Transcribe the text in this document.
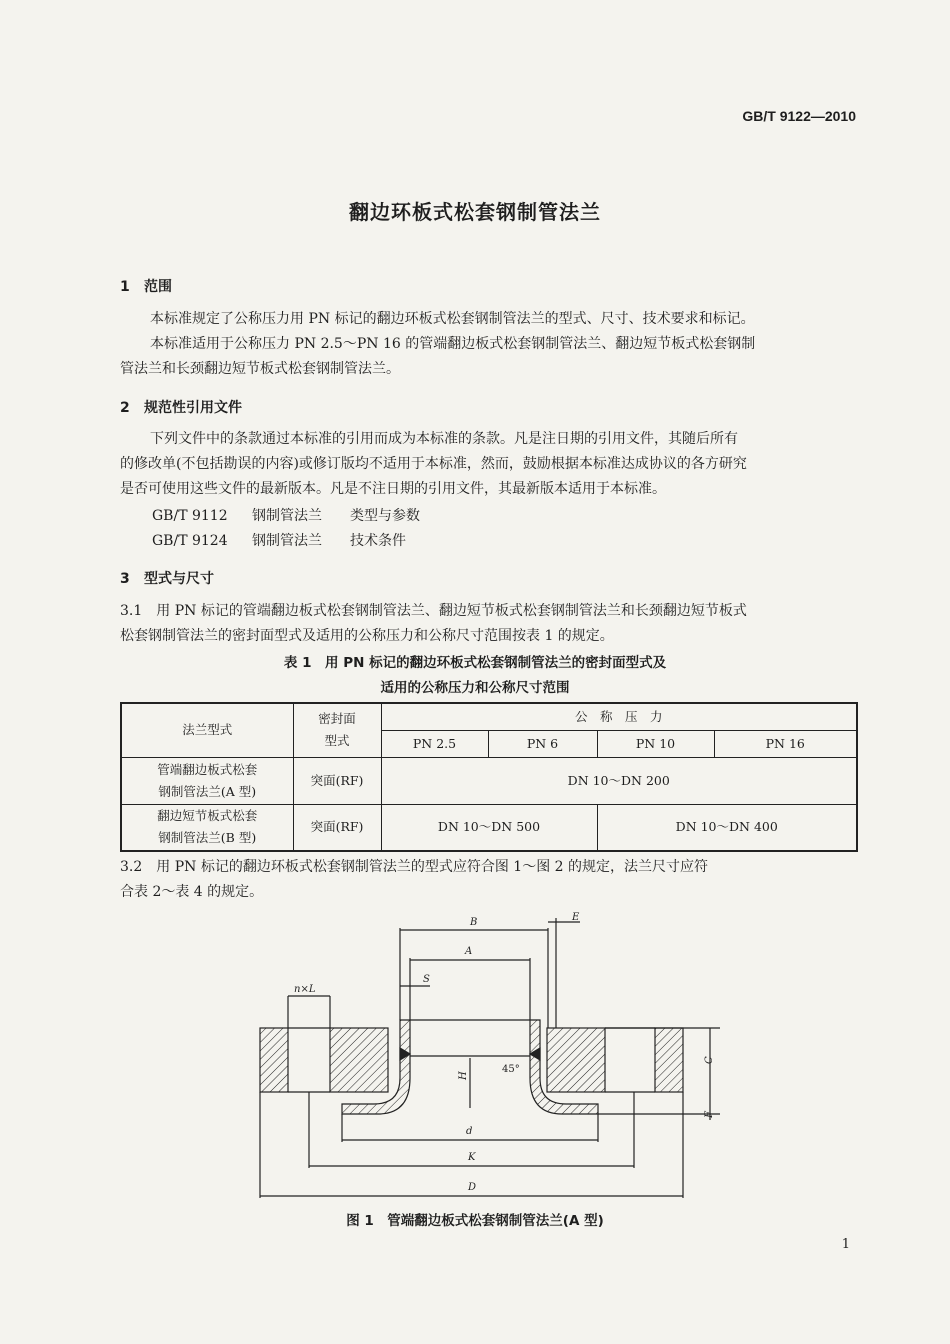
GB/T 9122—2010
翻边环板式松套钢制管法兰
1 范围
本标准规定了公称压力用 PN 标记的翻边环板式松套钢制管法兰的型式、尺寸、技术要求和标记。
本标准适用于公称压力 PN 2.5～PN 16 的管端翻边板式松套钢制管法兰、翻边短节板式松套钢制
管法兰和长颈翻边短节板式松套钢制管法兰。
2 规范性引用文件
下列文件中的条款通过本标准的引用而成为本标准的条款。凡是注日期的引用文件，其随后所有
的修改单(不包括勘误的内容)或修订版均不适用于本标准，然而，鼓励根据本标准达成协议的各方研究
是否可使用这些文件的最新版本。凡是不注日期的引用文件，其最新版本适用于本标准。
GB/T 9112 钢制管法兰 类型与参数
GB/T 9124 钢制管法兰 技术条件
3 型式与尺寸
3.1　用 PN 标记的管端翻边板式松套钢制管法兰、翻边短节板式松套钢制管法兰和长颈翻边短节板式
松套钢制管法兰的密封面型式及适用的公称压力和公称尺寸范围按表 1 的规定。
表 1　用 PN 标记的翻边环板式松套钢制管法兰的密封面型式及
适用的公称压力和公称尺寸范围
法兰型式	密封面
型式	公　称　压　力			
		PN 2.5	PN 6	PN 10	PN 16
管端翻边板式松套
钢制管法兰(A 型)	突面(RF)	DN 10～DN 200			
翻边短节板式松套
钢制管法兰(B 型)	突面(RF)	DN 10～DN 500		DN 10～DN 400	
3.2　用 PN 标记的翻边环板式松套钢制管法兰的型式应符合图 1～图 2 的规定，法兰尺寸应符
合表 2～表 4 的规定。
B	E
A
S
n×L
C
F
H
45°
d
K
D
图 1　管端翻边板式松套钢制管法兰(A 型)
1
